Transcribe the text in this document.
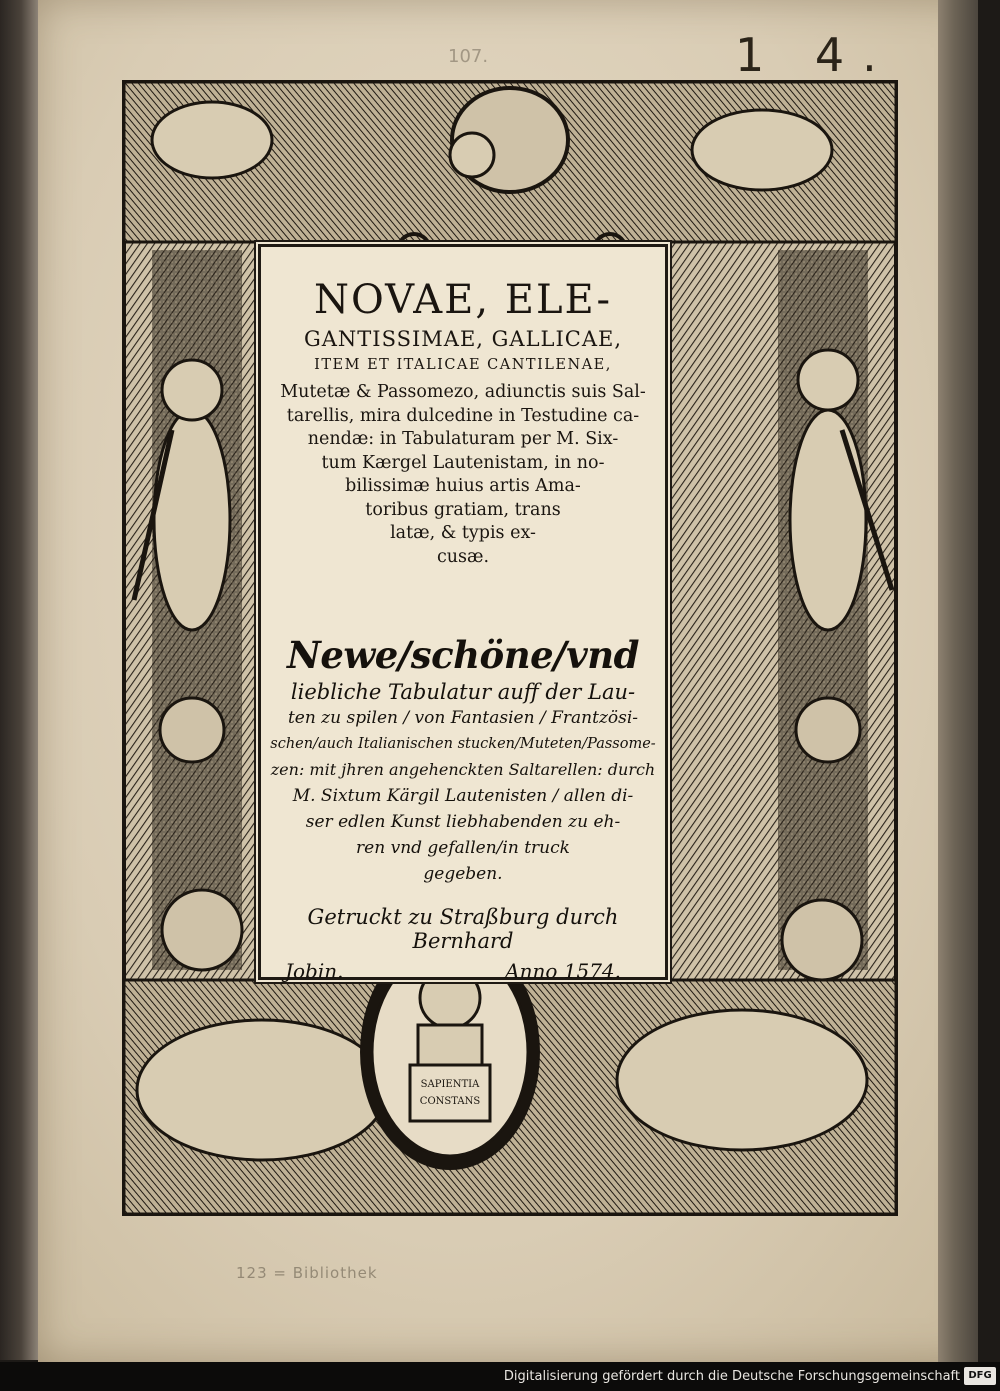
1 4.
107.
SAPIENTIA
CONSTANS
NOVAE, ELE-
GANTISSIMAE, GALLICAE,
ITEM ET ITALICAE CANTILENAE,
Mutetæ & Passomezo, adiunctis suis Sal-
tarellis, mira dulcedine in Testudine ca-
nendæ: in Tabulaturam per M. Six-
tum Kærgel Lautenistam, in no-
bilissimæ huius artis Ama-
toribus gratiam, trans
latæ, & typis ex-
cusæ.
Newe/schöne/vnd
liebliche Tabulatur auff der Lau-
ten zu spilen / von Fantasien / Frantzösi-
schen/auch Italianischen stucken/Muteten/Passome-
zen: mit jhren angehenckten Saltarellen: durch
M. Sixtum Kärgil Lautenisten / allen di-
ser edlen Kunst liebhabenden zu eh-
ren vnd gefallen/in truck
gegeben.
Getruckt zu Straßburg durch Bernhard
Jobin.	Anno 1574.
123 = Bibliothek
Digitalisierung gefördert durch die Deutsche Forschungsgemeinschaft DFG
